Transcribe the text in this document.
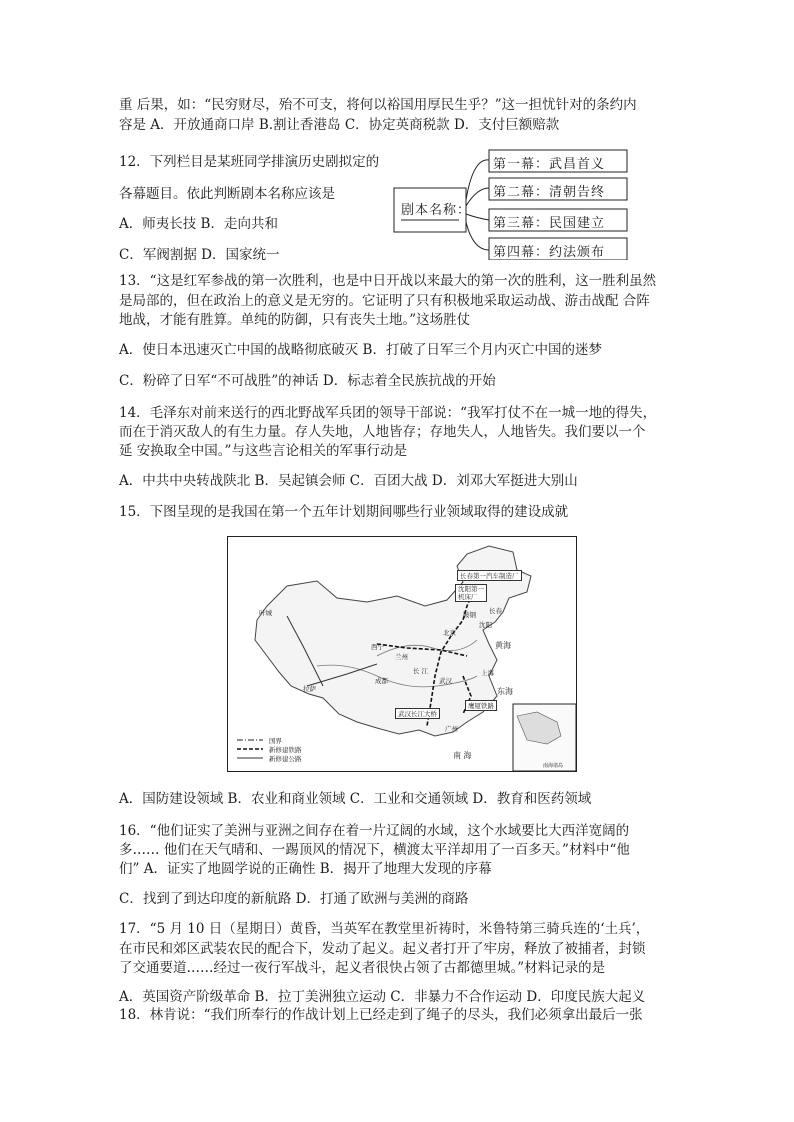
重 后果，如：“民穷财尽，殆不可支，将何以裕国用厚民生乎？”这一担忧针对的条约内
容是 A．开放通商口岸 B.割让香港岛 C．协定英商税款 D．支付巨额赔款
12．下列栏目是某班同学排演历史剧拟定的
各幕题目。依此判断剧本名称应该是
A．师夷长技 B．走向共和
C．军阀割据 D．国家统一
剧本名称：
第一幕：武昌首义
第二幕：清朝告终
第三幕：民国建立
第四幕：约法颁布
13．“这是红军参战的第一次胜利，也是中日开战以来最大的第一次的胜利，这一胜利虽然
是局部的，但在政治上的意义是无穷的。它证明了只有积极地采取运动战、游击战配 合阵
地战，才能有胜算。单纯的防御，只有丧失土地。”这场胜仗
A．使日本迅速灭亡中国的战略彻底破灭 B．打破了日军三个月内灭亡中国的迷梦
C．粉碎了日军“不可战胜”的神话 D．标志着全民族抗战的开始
14．毛泽东对前来送行的西北野战军兵团的领导干部说：“我军打仗不在一城一地的得失，
而在于消灭敌人的有生力量。存人失地，人地皆存；存地失人，人地皆失。我们要以一个
延 安换取全中国。”与这些言论相关的军事行动是
A．中共中央转战陕北 B．吴起镇会师 C．百团大战 D．刘邓大军挺进大别山
15．下图呈现的是我国在第一个五年计划期间哪些行业领域取得的建设成就
长春第一汽车制造厂
沈阳第一
机床厂
武汉长江大桥
鹰厦铁路
鞍钢
北京
长春
沈阳
西宁
兰州
成都
拉萨
武汉
上海
广州
叶城
南 海
东海
黄海
长 江
南海诸岛
国界
新修建铁路
新修建公路
A．国防建设领域 B．农业和商业领域 C．工业和交通领域 D．教育和医药领域
16．“他们证实了美洲与亚洲之间存在着一片辽阔的水域，这个水域要比大西洋宽阔的
多…… 他们在天气晴和、一踢顶风的情况下，横渡太平洋却用了一百多天。”材料中“他
们” A．证实了地圆学说的正确性 B．揭开了地理大发现的序幕
C．找到了到达印度的新航路 D．打通了欧洲与美洲的商路
17．“5 月 10 日（星期日）黄昏，当英军在教堂里祈祷时，米鲁特第三骑兵连的‘土兵’，
在市民和郊区武装农民的配合下，发动了起义。起义者打开了牢房，释放了被捕者，封锁
了交通要道……经过一夜行军战斗，起义者很快占领了古都德里城。”材料记录的是
A．英国资产阶级革命 B．拉丁美洲独立运动 C．非暴力不合作运动 D．印度民族大起义
18．林肯说：“我们所奉行的作战计划上已经走到了绳子的尽头，我们必须拿出最后一张
